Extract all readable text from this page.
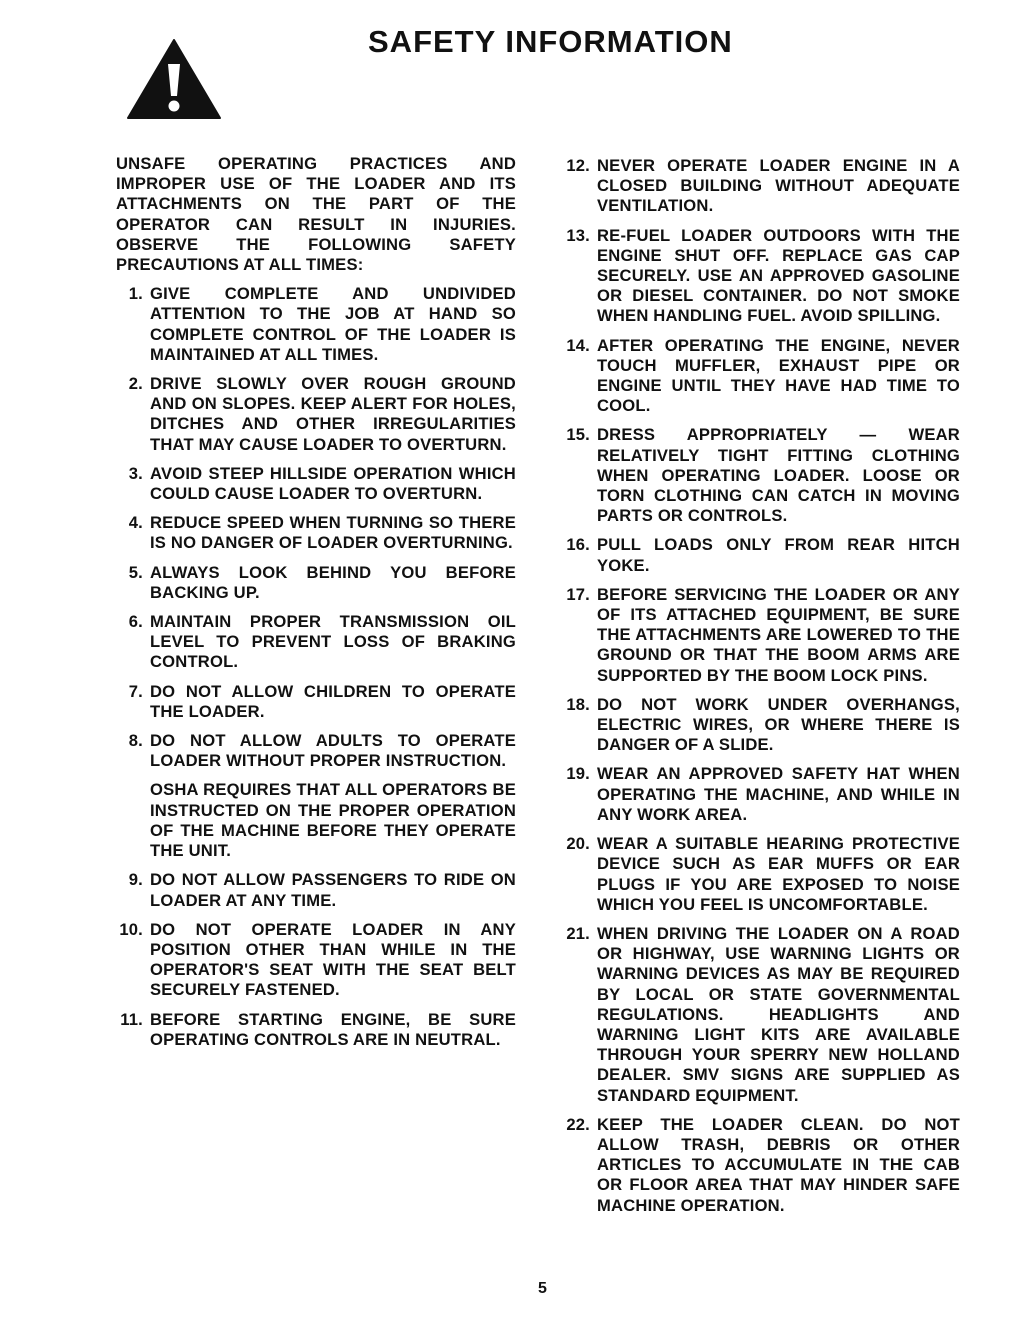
SAFETY INFORMATION

UNSAFE OPERATING PRACTICES AND IMPROPER USE OF THE LOADER AND ITS ATTACHMENTS ON THE PART OF THE OPERATOR CAN RESULT IN INJURIES. OBSERVE THE FOLLOWING SAFETY PRECAUTIONS AT ALL TIMES:

1. GIVE COMPLETE AND UNDIVIDED ATTENTION TO THE JOB AT HAND SO COMPLETE CONTROL OF THE LOADER IS MAINTAINED AT ALL TIMES.
2. DRIVE SLOWLY OVER ROUGH GROUND AND ON SLOPES. KEEP ALERT FOR HOLES, DITCHES AND OTHER IRREGULARITIES THAT MAY CAUSE LOADER TO OVERTURN.
3. AVOID STEEP HILLSIDE OPERATION WHICH COULD CAUSE LOADER TO OVERTURN.
4. REDUCE SPEED WHEN TURNING SO THERE IS NO DANGER OF LOADER OVERTURNING.
5. ALWAYS LOOK BEHIND YOU BEFORE BACKING UP.
6. MAINTAIN PROPER TRANSMISSION OIL LEVEL TO PREVENT LOSS OF BRAKING CONTROL.
7. DO NOT ALLOW CHILDREN TO OPERATE THE LOADER.
8. DO NOT ALLOW ADULTS TO OPERATE LOADER WITHOUT PROPER INSTRUCTION.

OSHA REQUIRES THAT ALL OPERATORS BE INSTRUCTED ON THE PROPER OPERATION OF THE MACHINE BEFORE THEY OPERATE THE UNIT.

9. DO NOT ALLOW PASSENGERS TO RIDE ON LOADER AT ANY TIME.
10. DO NOT OPERATE LOADER IN ANY POSITION OTHER THAN WHILE IN THE OPERATOR'S SEAT WITH THE SEAT BELT SECURELY FASTENED.
11. BEFORE STARTING ENGINE, BE SURE OPERATING CONTROLS ARE IN NEUTRAL.
12. NEVER OPERATE LOADER ENGINE IN A CLOSED BUILDING WITHOUT ADEQUATE VENTILATION.
13. RE-FUEL LOADER OUTDOORS WITH THE ENGINE SHUT OFF. REPLACE GAS CAP SECURELY. USE AN APPROVED GASOLINE OR DIESEL CONTAINER. DO NOT SMOKE WHEN HANDLING FUEL. AVOID SPILLING.
14. AFTER OPERATING THE ENGINE, NEVER TOUCH MUFFLER, EXHAUST PIPE OR ENGINE UNTIL THEY HAVE HAD TIME TO COOL.
15. DRESS APPROPRIATELY — WEAR RELATIVELY TIGHT FITTING CLOTHING WHEN OPERATING LOADER. LOOSE OR TORN CLOTHING CAN CATCH IN MOVING PARTS OR CONTROLS.
16. PULL LOADS ONLY FROM REAR HITCH YOKE.
17. BEFORE SERVICING THE LOADER OR ANY OF ITS ATTACHED EQUIPMENT, BE SURE THE ATTACHMENTS ARE LOWERED TO THE GROUND OR THAT THE BOOM ARMS ARE SUPPORTED BY THE BOOM LOCK PINS.
18. DO NOT WORK UNDER OVERHANGS, ELECTRIC WIRES, OR WHERE THERE IS DANGER OF A SLIDE.
19. WEAR AN APPROVED SAFETY HAT WHEN OPERATING THE MACHINE, AND WHILE IN ANY WORK AREA.
20. WEAR A SUITABLE HEARING PROTECTIVE DEVICE SUCH AS EAR MUFFS OR EAR PLUGS IF YOU ARE EXPOSED TO NOISE WHICH YOU FEEL IS UNCOMFORTABLE.
21. WHEN DRIVING THE LOADER ON A ROAD OR HIGHWAY, USE WARNING LIGHTS OR WARNING DEVICES AS MAY BE REQUIRED BY LOCAL OR STATE GOVERNMENTAL REGULATIONS. HEADLIGHTS AND WARNING LIGHT KITS ARE AVAILABLE THROUGH YOUR SPERRY NEW HOLLAND DEALER. SMV SIGNS ARE SUPPLIED AS STANDARD EQUIPMENT.
22. KEEP THE LOADER CLEAN. DO NOT ALLOW TRASH, DEBRIS OR OTHER ARTICLES TO ACCUMULATE IN THE CAB OR FLOOR AREA THAT MAY HINDER SAFE MACHINE OPERATION.
5
